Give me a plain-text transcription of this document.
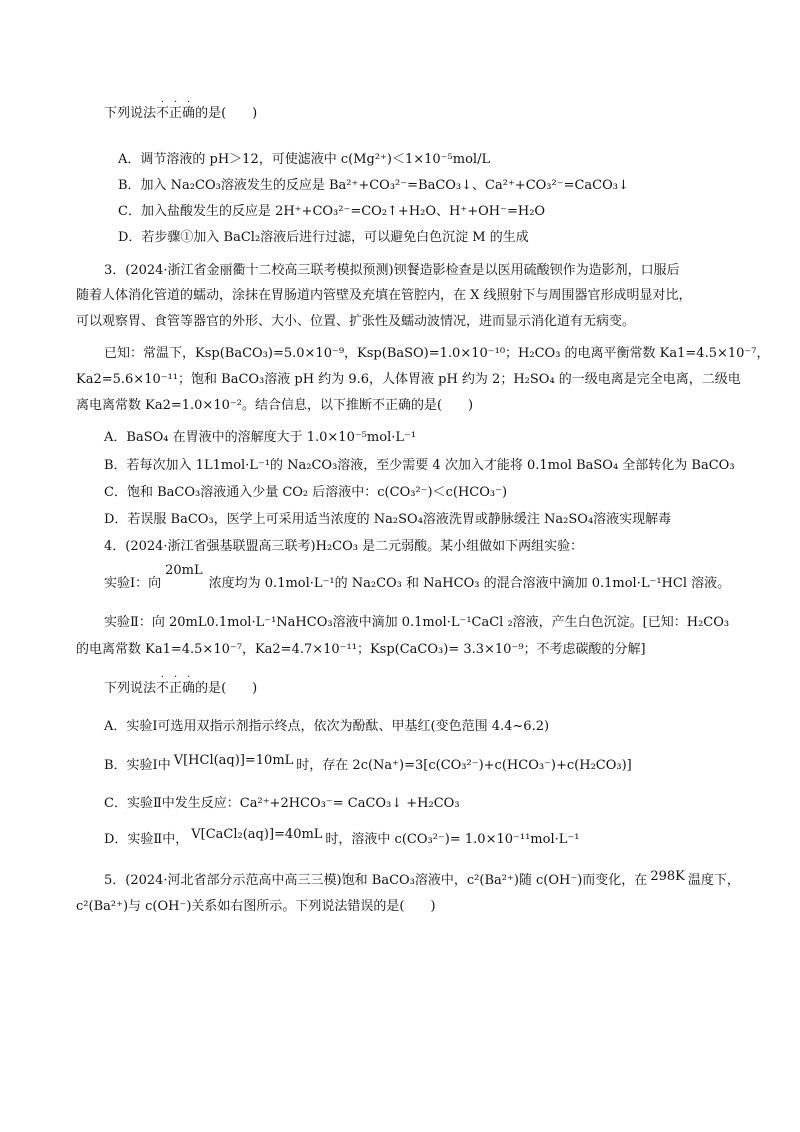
下列说法
·
不
·
正
·
确的是(　　)
A．调节溶液的 pH＞12，可使滤液中 c(Mg²⁺)＜1×10⁻⁵mol/L
B．加入 Na₂CO₃溶液发生的反应是 Ba²⁺+CO₃²⁻=BaCO₃↓、Ca²⁺+CO₃²⁻=CaCO₃↓
C．加入盐酸发生的反应是 2H⁺+CO₃²⁻=CO₂↑+H₂O、H⁺+OH⁻=H₂O
D．若步骤①加入 BaCl₂溶液后进行过滤，可以避免白色沉淀 M 的生成
3．(2024·浙江省金丽衢十二校高三联考模拟预测)钡餐造影检查是以医用硫酸钡作为造影剂，口服后
随着人体消化管道的蠕动，涂抹在胃肠道内管壁及充填在管腔内，在 X 线照射下与周围器官形成明显对比，
可以观察胃、食管等器官的外形、大小、位置、扩张性及蠕动波情况，进而显示消化道有无病变。
已知：常温下，Ksp(BaCO₃)=5.0×10⁻⁹，Ksp(BaSO)=1.0×10⁻¹⁰；H₂CO₃ 的电离平衡常数 Ka1=4.5×10⁻⁷，
Ka2=5.6×10⁻¹¹；饱和 BaCO₃溶液 pH 约为 9.6，人体胃液 pH 约为 2；H₂SO₄ 的一级电离是完全电离，二级电
离电离常数 Ka2=1.0×10⁻²。结合信息，以下推断不正确的是(　　)
A．BaSO₄ 在胃液中的溶解度大于 1.0×10⁻⁵mol·L⁻¹
B．若每次加入 1L1mol·L⁻¹的 Na₂CO₃溶液，至少需要 4 次加入才能将 0.1mol BaSO₄ 全部转化为 BaCO₃
C．饱和 BaCO₃溶液通入少量 CO₂ 后溶液中：c(CO₃²⁻)＜c(HCO₃⁻)
D．若误服 BaCO₃，医学上可采用适当浓度的 Na₂SO₄溶液洗胃或静脉缓注 Na₂SO₄溶液实现解毒
4．(2024·浙江省强基联盟高三联考)H₂CO₃ 是二元弱酸。某小组做如下两组实验：
实验Ⅰ：向20mL浓度均为 0.1mol·L⁻¹的 Na₂CO₃ 和 NaHCO₃ 的混合溶液中滴加 0.1mol·L⁻¹HCl 溶液。
实验Ⅱ：向 20mL0.1mol·L⁻¹NaHCO₃溶液中滴加 0.1mol·L⁻¹CaCl ₂溶液，产生白色沉淀。[已知：H₂CO₃
的电离常数 Ka1=4.5×10⁻⁷，Ka2=4.7×10⁻¹¹；Ksp(CaCO₃)= 3.3×10⁻⁹；不考虑碳酸的分解]
下列说法
·
不
·
正
·
确的是(　　)
A．实验Ⅰ可选用双指示剂指示终点，依次为酚酞、甲基红(变色范围 4.4~6.2)
B．实验Ⅰ中 V[HCl(aq)]=10mL 时，存在 2c(Na⁺)=3[c(CO₃²⁻)+c(HCO₃⁻)+c(H₂CO₃)]
C．实验Ⅱ中发生反应：Ca²⁺+2HCO₃⁻= CaCO₃↓ +H₂CO₃
D．实验Ⅱ中， V[CaCl₂(aq)]=40mL 时，溶液中 c(CO₃²⁻)= 1.0×10⁻¹¹mol·L⁻¹
5．(2024·河北省部分示范高中高三三模)饱和 BaCO₃溶液中，c²(Ba²⁺)随 c(OH⁻)而变化，在 298K 温度下，
c²(Ba²⁺)与 c(OH⁻)关系如右图所示。下列说法错误的是(　　)
